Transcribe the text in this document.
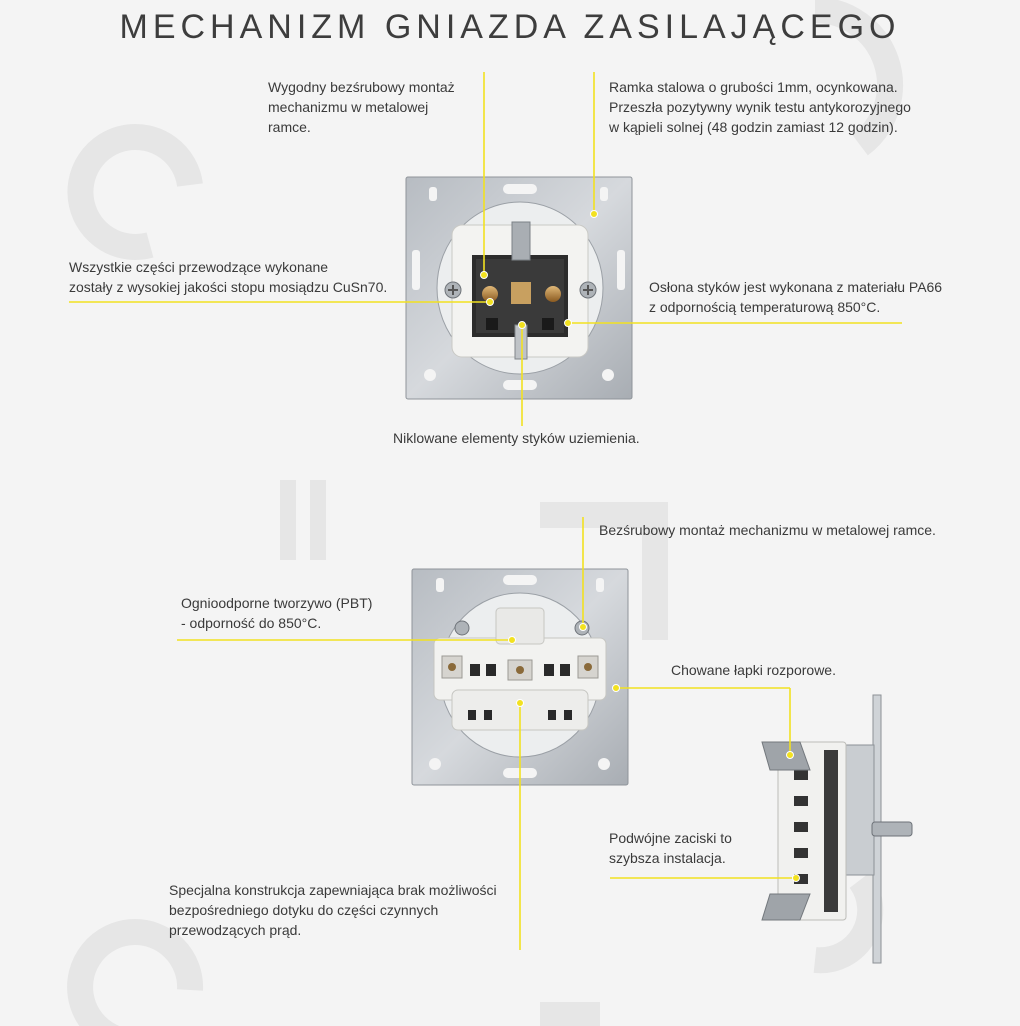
MECHANIZM GNIAZDA ZASILAJĄCEGO
Wygodny bezśrubowy montaż
mechanizmu w metalowej
ramce.
Ramka stalowa o grubości 1mm, ocynkowana.
Przeszła pozytywny wynik testu antykorozyjnego
w kąpieli solnej (48 godzin zamiast 12 godzin).
Wszystkie części przewodzące wykonane
zostały z wysokiej jakości stopu mosiądzu CuSn70.	Osłona styków jest wykonana z materiału PA66
z odpornością temperaturową 850°C.
Niklowane elementy styków uziemienia.
Bezśrubowy montaż mechanizmu w metalowej ramce.
Ognioodporne tworzywo (PBT)
- odporność do 850°C.
Chowane łapki rozporowe.
Podwójne zaciski to
szybsza instalacja.
Specjalna konstrukcja zapewniająca brak możliwości
bezpośredniego dotyku do części czynnych
przewodzących prąd.
